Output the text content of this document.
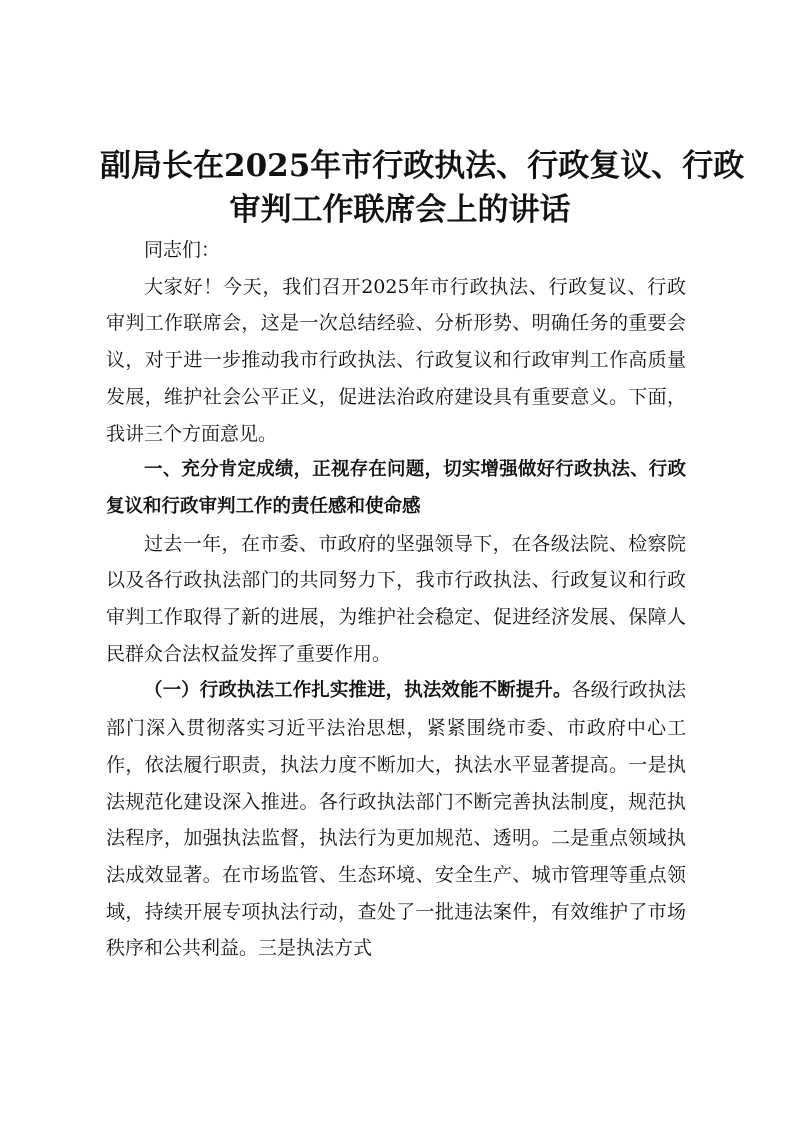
副局长在2025年市行政执法、行政复议、行政
审判工作联席会上的讲话

同志们：

大家好！今天，我们召开2025年市行政执法、行政复议、行政审判工作联席会，这是一次总结经验、分析形势、明确任务的重要会议，对于进一步推动我市行政执法、行政复议和行政审判工作高质量发展，维护社会公平正义，促进法治政府建设具有重要意义。下面，我讲三个方面意见。

一、充分肯定成绩，正视存在问题，切实增强做好行政执法、行政复议和行政审判工作的责任感和使命感

过去一年，在市委、市政府的坚强领导下，在各级法院、检察院以及各行政执法部门的共同努力下，我市行政执法、行政复议和行政审判工作取得了新的进展，为维护社会稳定、促进经济发展、保障人民群众合法权益发挥了重要作用。

（一）行政执法工作扎实推进，执法效能不断提升。各级行政执法部门深入贯彻落实习近平法治思想，紧紧围绕市委、市政府中心工作，依法履行职责，执法力度不断加大，执法水平显著提高。一是执法规范化建设深入推进。各行政执法部门不断完善执法制度，规范执法程序，加强执法监督，执法行为更加规范、透明。二是重点领域执法成效显著。在市场监管、生态环境、安全生产、城市管理等重点领域，持续开展专项执法行动，查处了一批违法案件，有效维护了市场秩序和公共利益。三是执法方式
